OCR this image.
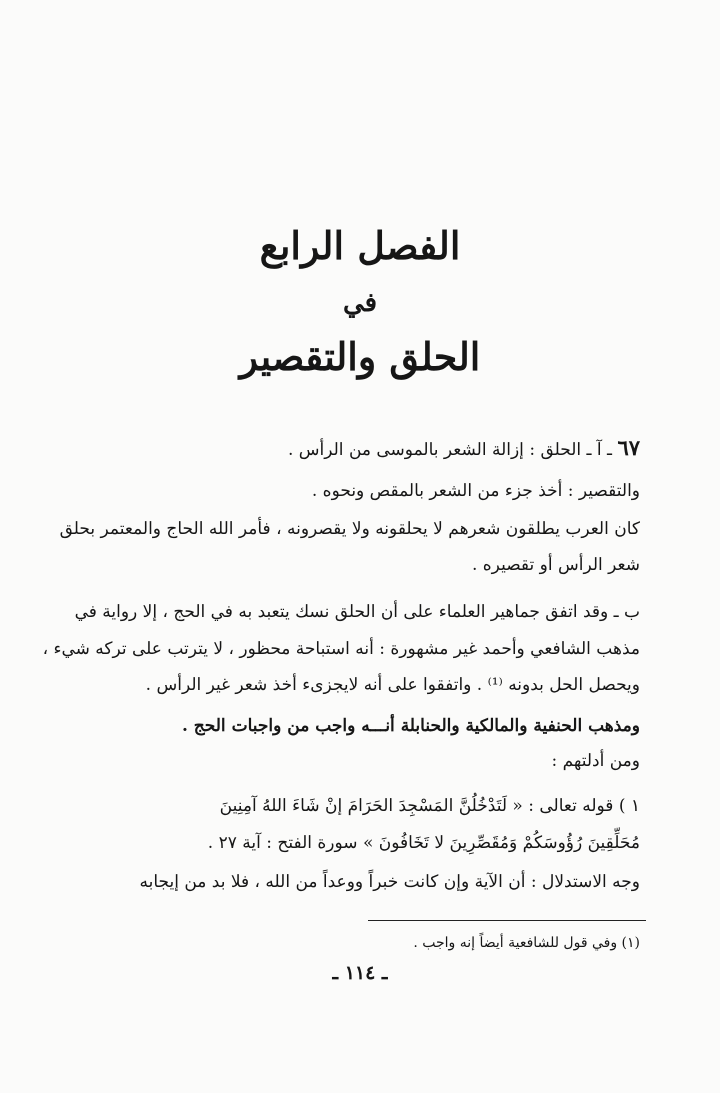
الفصل الرابع
في
الحلق والتقصير
٦٧ ـ آ ـ الحلق : إزالة الشعر بالموسى من الرأس .
والتقصير : أخذ جزء من الشعر بالمقص ونحوه .
كان العرب يطلقون شعرهم لا يحلقونه ولا يقصرونه ، فأمر الله الحاج والمعتمر بحلق
شعر الرأس أو تقصيره .
ب ـ وقد اتفق جماهير العلماء على أن الحلق نسك يتعبد به في الحج ، إلا رواية في
مذهب الشافعي وأحمد غير مشهورة : أنه استباحة محظور ، لا يترتب على تركه شيء ،
ويحصل الحل بدونه ⁽¹⁾ . واتفقوا على أنه لايجزىء أخذ شعر غير الرأس .
ومذهب الحنفية والمالكية والحنابلة أنـــه واجب من واجبات الحج .
ومن أدلتهم :
١ ) قوله تعالى : « لَتَدْخُلُنَّ المَسْجِدَ الحَرَامَ إنْ شَاءَ اللهُ آمِنِينَ
مُحَلِّقِينَ رُؤُوسَكُمْ وَمُقَصِّرِينَ لا تَخَافُونَ » سورة الفتح : آية ٢٧ .
وجه الاستدلال : أن الآية وإن كانت خبراً ووعداً من الله ، فلا بد من إيجابه
(١) وفي قول للشافعية أيضاً إنه واجب .
ـ ١١٤ ـ
